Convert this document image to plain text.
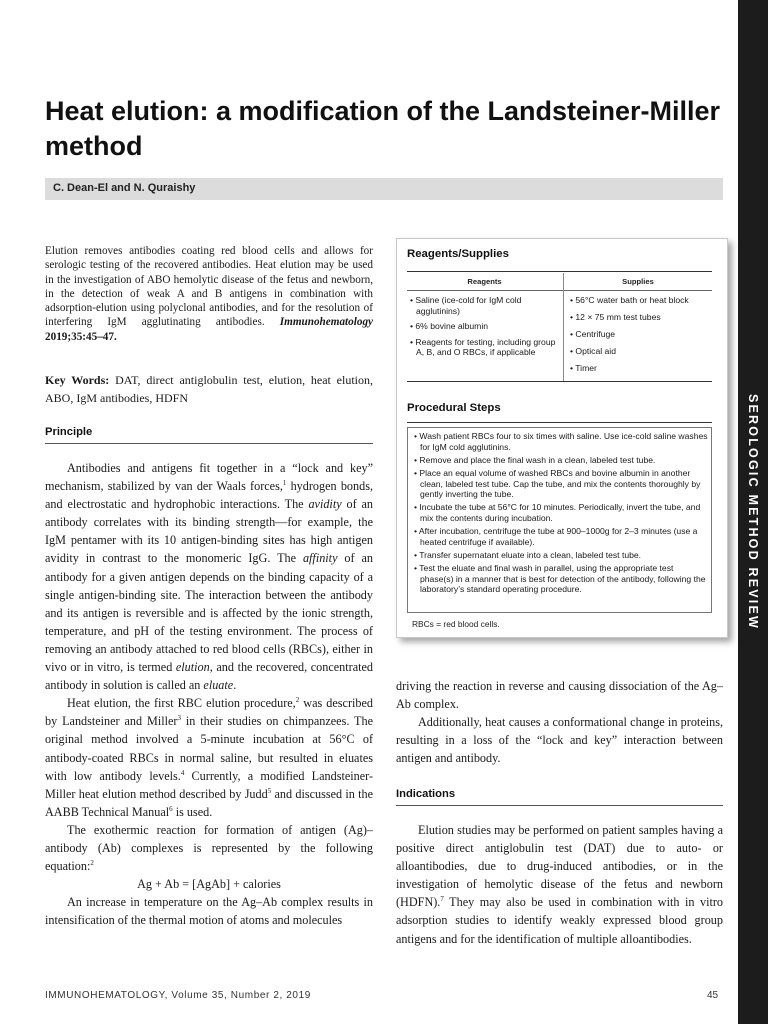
SEROLOGIC METHOD REVIEW
Heat elution: a modification of the Landsteiner-Miller method
C. Dean-El and N. Quraishy

Elution removes antibodies coating red blood cells and allows for serologic testing of the recovered antibodies. Heat elution may be used in the investigation of ABO hemolytic disease of the fetus and newborn, in the detection of weak A and B antigens in combination with adsorption-elution using polyclonal antibodies, and for the resolution of interfering IgM agglutinating antibodies. Immunohematology 2019;35:45–47.

Key Words: DAT, direct antiglobulin test, elution, heat elution, ABO, IgM antibodies, HDFN

Principle

Antibodies and antigens fit together in a “lock and key” mechanism, stabilized by van der Waals forces,$^1$ hydrogen bonds, and electrostatic and hydrophobic interactions. The avidity of an antibody correlates with its binding strength—for example, the IgM pentamer with its 10 antigen-binding sites has high antigen avidity in contrast to the monomeric IgG. The affinity of an antibody for a given antigen depends on the binding capacity of a single antigen-binding site. The interaction between the antibody and its antigen is reversible and is affected by the ionic strength, temperature, and pH of the testing environment. The process of removing an antibody attached to red blood cells (RBCs), either in vivo or in vitro, is termed elution, and the recovered, concentrated antibody in solution is called an eluate.

Heat elution, the first RBC elution procedure,$^2$ was described by Landsteiner and Miller$^3$ in their studies on chimpanzees. The original method involved a 5-minute incubation at 56°C of antibody-coated RBCs in normal saline, but resulted in eluates with low antibody levels.$^4$ Currently, a modified Landsteiner-Miller heat elution method described by Judd$^5$ and discussed in the AABB Technical Manual$^6$ is used.

The exothermic reaction for formation of antigen (Ag)–antibody (Ab) complexes is represented by the following equation:$^2$

Ag + Ab = [AgAb] + calories

An increase in temperature on the Ag–Ab complex results in intensification of the thermal motion of atoms and molecules

Reagents/Supplies
Reagents	Supplies
• Saline (ice-cold for IgM cold agglutinins)
• 6% bovine albumin
• Reagents for testing, including group A, B, and O RBCs, if applicable
• 56°C water bath or heat block
• 12 × 75 mm test tubes
• Centrifuge
• Optical aid
• Timer
Procedural Steps
• Wash patient RBCs four to six times with saline. Use ice-cold saline washes for IgM cold agglutinins.
• Remove and place the final wash in a clean, labeled test tube.
• Place an equal volume of washed RBCs and bovine albumin in another clean, labeled test tube. Cap the tube, and mix the contents thoroughly by gently inverting the tube.
• Incubate the tube at 56°C for 10 minutes. Periodically, invert the tube, and mix the contents during incubation.
• After incubation, centrifuge the tube at 900–1000g for 2–3 minutes (use a heated centrifuge if available).
• Transfer supernatant eluate into a clean, labeled test tube.
• Test the eluate and final wash in parallel, using the appropriate test phase(s) in a manner that is best for detection of the antibody, following the laboratory’s standard operating procedure.
RBCs = red blood cells.

driving the reaction in reverse and causing dissociation of the Ag–Ab complex.

Additionally, heat causes a conformational change in proteins, resulting in a loss of the “lock and key” interaction between antigen and antibody.

Indications

Elution studies may be performed on patient samples having a positive direct antiglobulin test (DAT) due to auto- or alloantibodies, due to drug-induced antibodies, or in the investigation of hemolytic disease of the fetus and newborn (HDFN).$^7$ They may also be used in combination with in vitro adsorption studies to identify weakly expressed blood group antigens and for the identification of multiple alloantibodies.

IMMUNOHEMATOLOGY, Volume 35, Number 2, 2019	45
